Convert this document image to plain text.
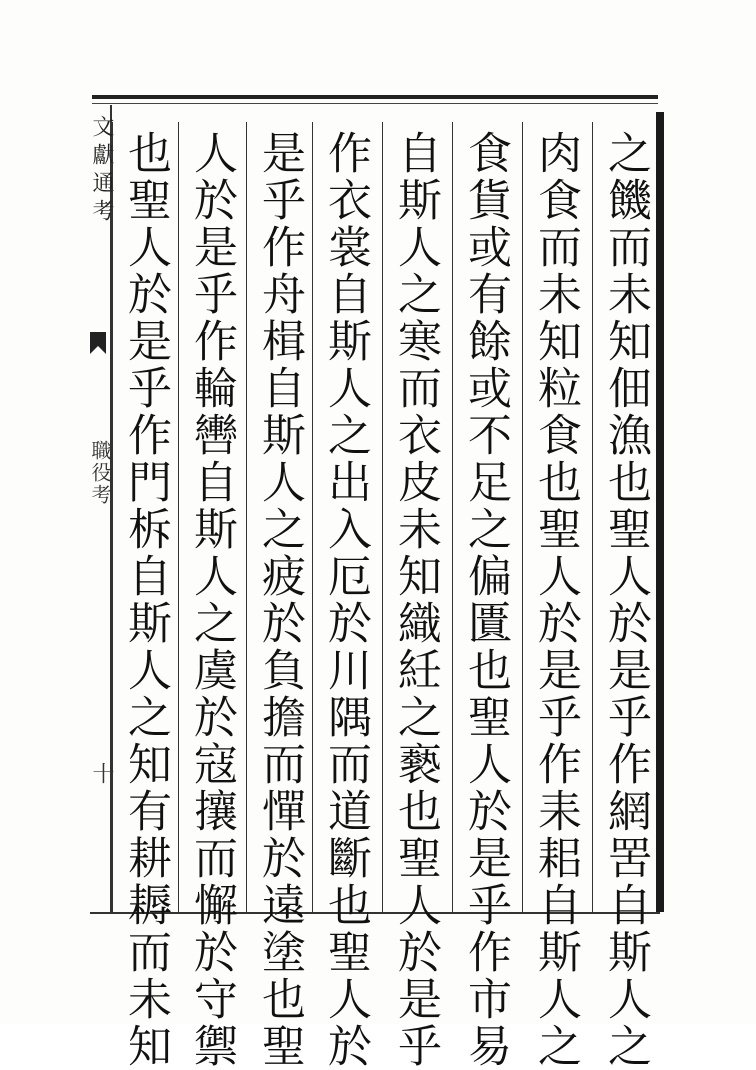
文獻通考
職役考
十	之饑而未知佃漁也聖人於是乎作網罟自斯人之
肉食而未知粒食也聖人於是乎作耒耜自斯人之
食貨或有餘或不足之偏匱也聖人於是乎作市易
自斯人之寒而衣皮未知織紝之褻也聖人於是乎
作衣裳自斯人之出入厄於川隅而道斷也聖人於
是乎作舟楫自斯人之疲於負擔而憚於遠塗也聖
人於是乎作輪轡自斯人之虞於寇攘而懈於守禦
也聖人於是乎作門柝自斯人之知有耕耨而未知
